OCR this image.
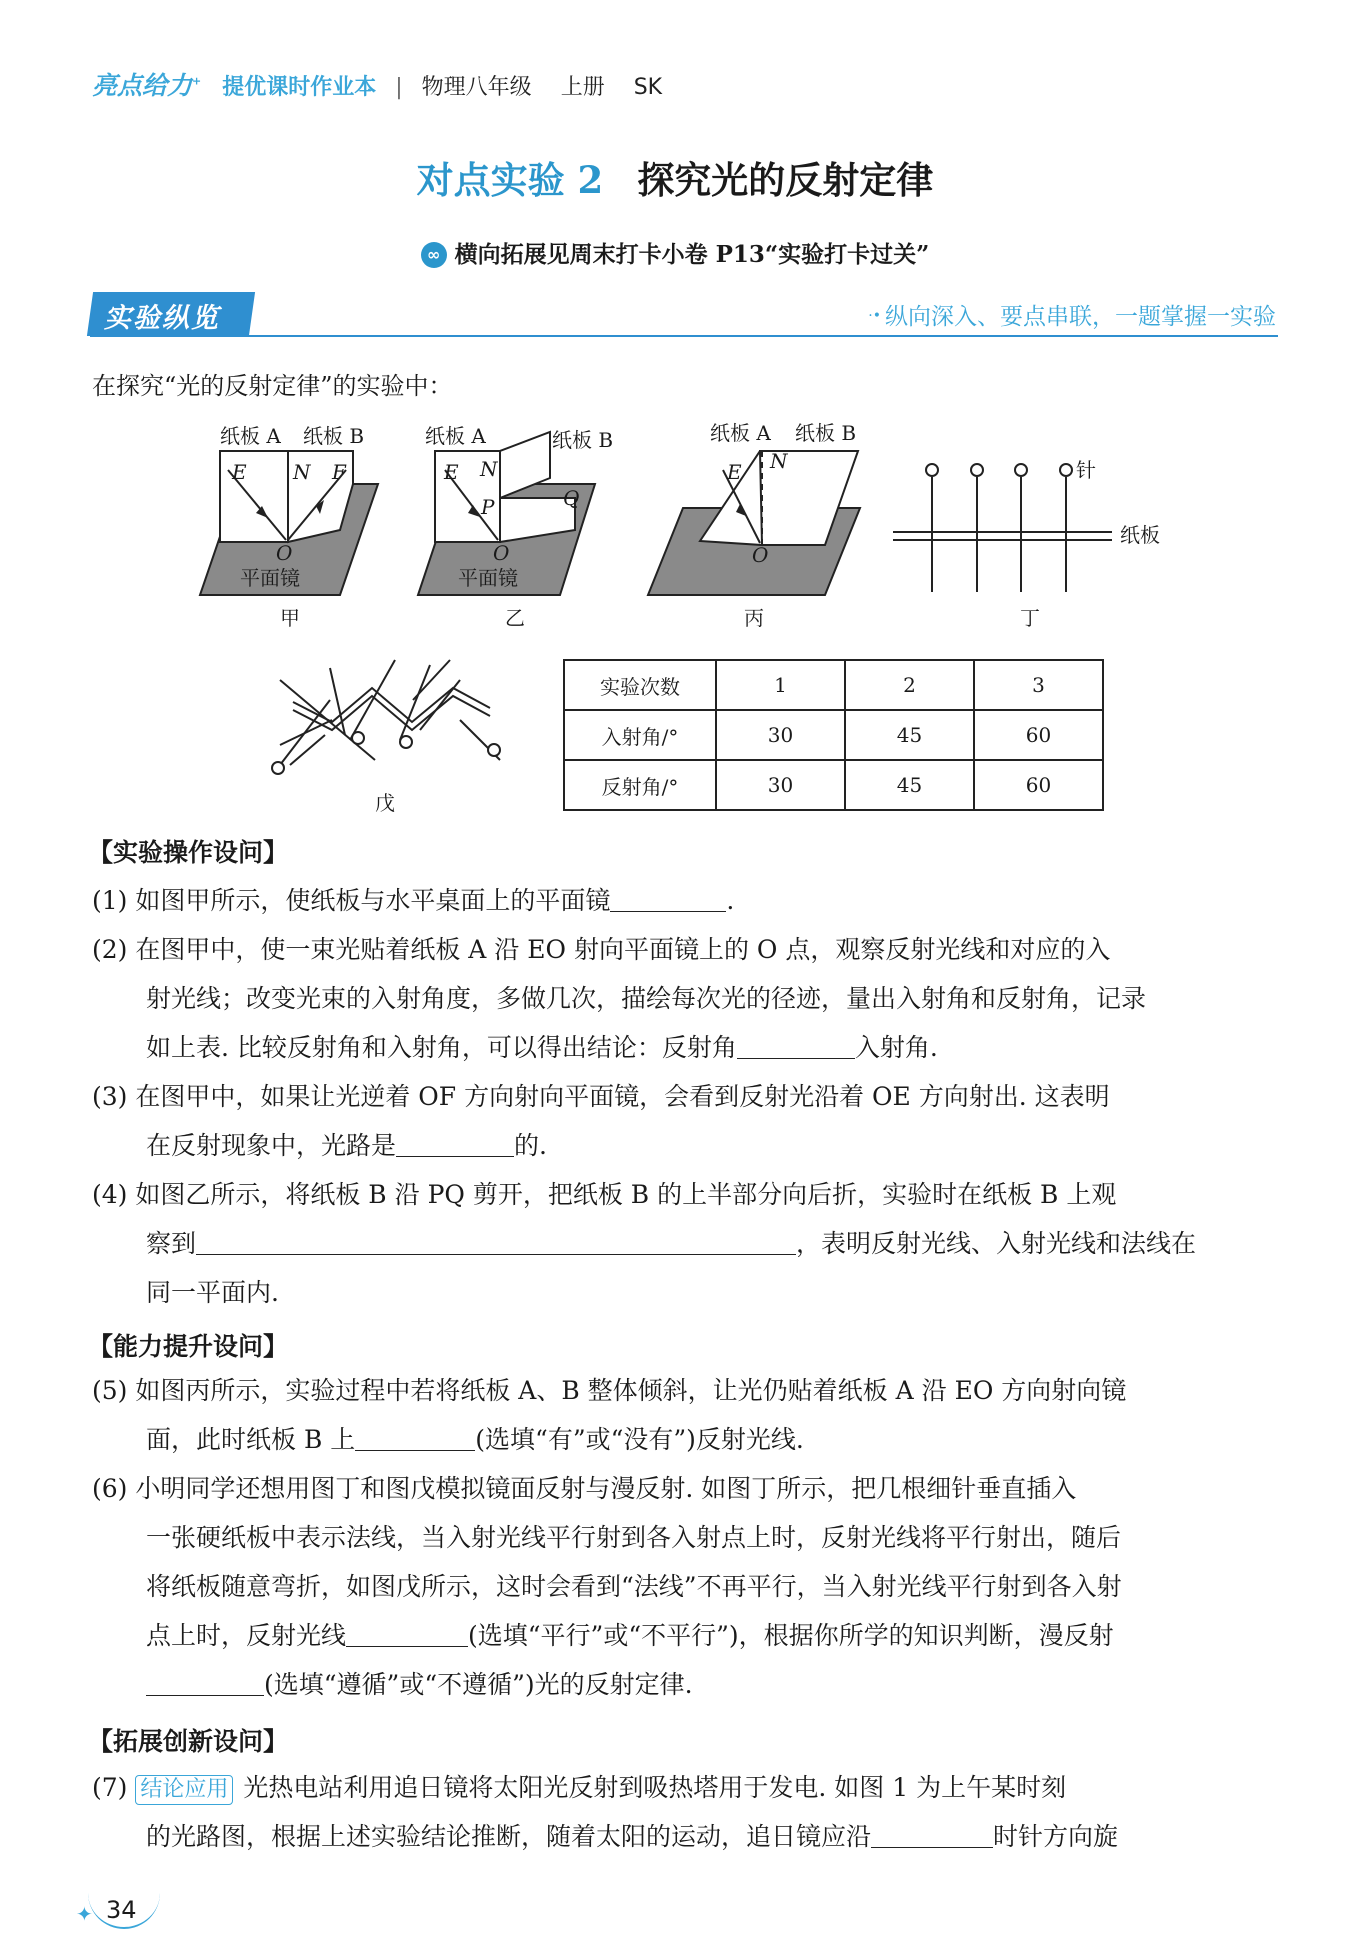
亮点给力+ 提优课时作业本 | 物理八年级 上册 SK
对点实验 2 探究光的反射定律
∞ 横向拓展见周末打卡小卷 P13“实验打卡过关”
实验纵览	·• 纵向深入、要点串联，一题掌握一实验
在探究“光的反射定律”的实验中：
纸板 A 纸板 B
E N F
O
平面镜
甲
纸板 A	纸板 B
E N
P	Q
O
平面镜
乙
纸板 A 纸板 B
E N
O
丙
针
纸板
丁
戊
实验次数	1	2	3
入射角/°	30	45	60
反射角/°	30	45	60
【实验操作设问】
(1) 如图甲所示，使纸板与水平桌面上的平面镜	.
(2) 在图甲中，使一束光贴着纸板 A 沿 EO 射向平面镜上的 O 点，观察反射光线和对应的入
射光线；改变光束的入射角度，多做几次，描绘每次光的径迹，量出入射角和反射角，记录
如上表. 比较反射角和入射角，可以得出结论：反射角	入射角.
(3) 在图甲中，如果让光逆着 OF 方向射向平面镜，会看到反射光沿着 OE 方向射出. 这表明
在反射现象中，光路是	的.
(4) 如图乙所示，将纸板 B 沿 PQ 剪开，把纸板 B 的上半部分向后折，实验时在纸板 B 上观
察到	，表明反射光线、入射光线和法线在
同一平面内.
【能力提升设问】
(5) 如图丙所示，实验过程中若将纸板 A、B 整体倾斜，让光仍贴着纸板 A 沿 EO 方向射向镜
面，此时纸板 B 上	(选填“有”或“没有”)反射光线.
(6) 小明同学还想用图丁和图戊模拟镜面反射与漫反射. 如图丁所示，把几根细针垂直插入
一张硬纸板中表示法线，当入射光线平行射到各入射点上时，反射光线将平行射出，随后
将纸板随意弯折，如图戊所示，这时会看到“法线”不再平行，当入射光线平行射到各入射
点上时，反射光线	(选填“平行”或“不平行”)，根据你所学的知识判断，漫反射
(选填“遵循”或“不遵循”)光的反射定律.
【拓展创新设问】
(7) 结论应用 光热电站利用追日镜将太阳光反射到吸热塔用于发电. 如图 1 为上午某时刻
的光路图，根据上述实验结论推断，随着太阳的运动，追日镜应沿	时针方向旋
✦ 34
